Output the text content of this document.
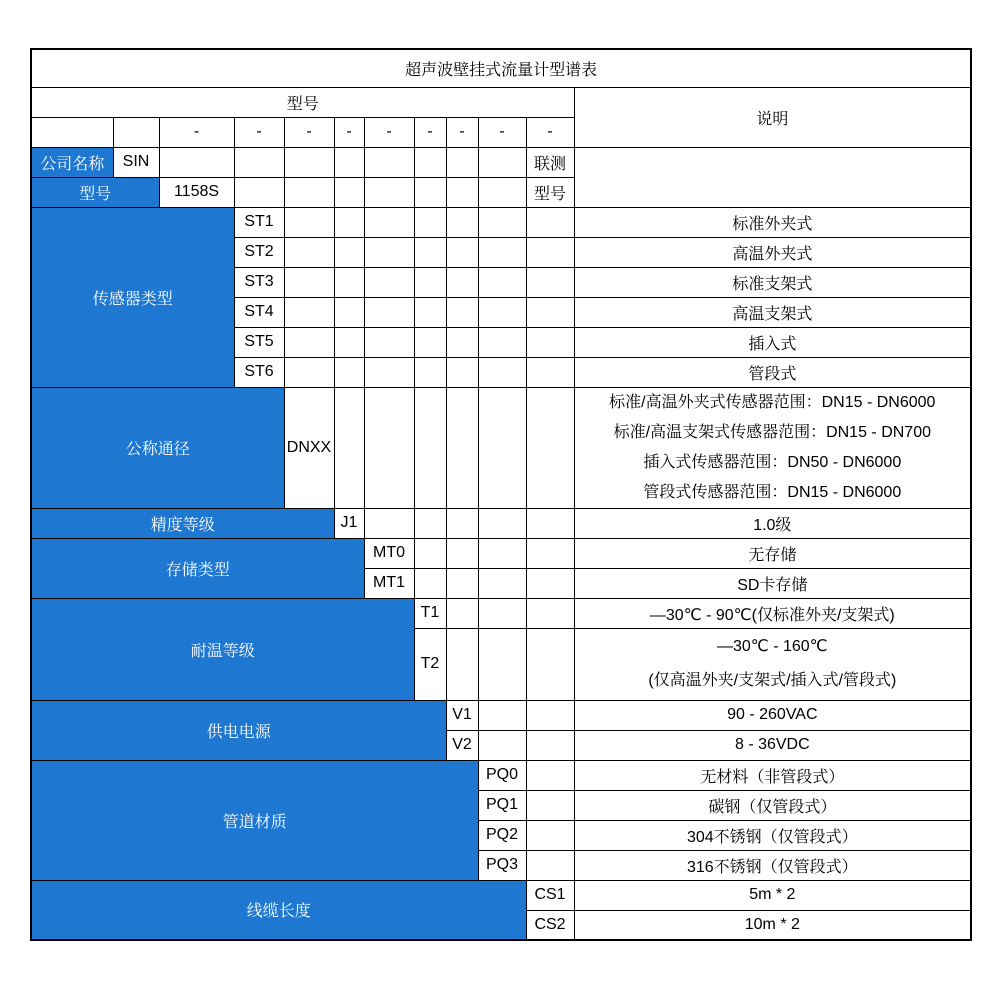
超声波壁挂式流量计型谱表											
型号											说明
		-	-	-	-	-	-	-	-	-	
公司名称	SIN									联测	
型号		1158S								型号	
传感器类型			ST1								标准外夹式
			ST2								高温外夹式
			ST3								标准支架式
			ST4								高温支架式
			ST5								插入式
			ST6								管段式
公称通径				DNXX							标准/高温外夹式传感器范围：DN15 - DN6000
标准/高温支架式传感器范围：DN15 - DN700
插入式传感器范围：DN50 - DN6000
管段式传感器范围：DN15 - DN6000

精度等级					J1						1.0级
存储类型						MT0					无存储
						MT1					SD卡存储
耐温等级							T1				—30℃ - 90℃(仅标准外夹/支架式)
							T2				—30℃ - 160℃
(仅高温外夹/支架式/插入式/管段式)

供电电源								V1			90 - 260VAC
								V2			8 - 36VDC
管道材质									PQ0		无材料（非管段式）
									PQ1		碳钢（仅管段式）
									PQ2		304不锈钢（仅管段式）
									PQ3		316不锈钢（仅管段式）
线缆长度										CS1	5m * 2
										CS2	10m * 2
